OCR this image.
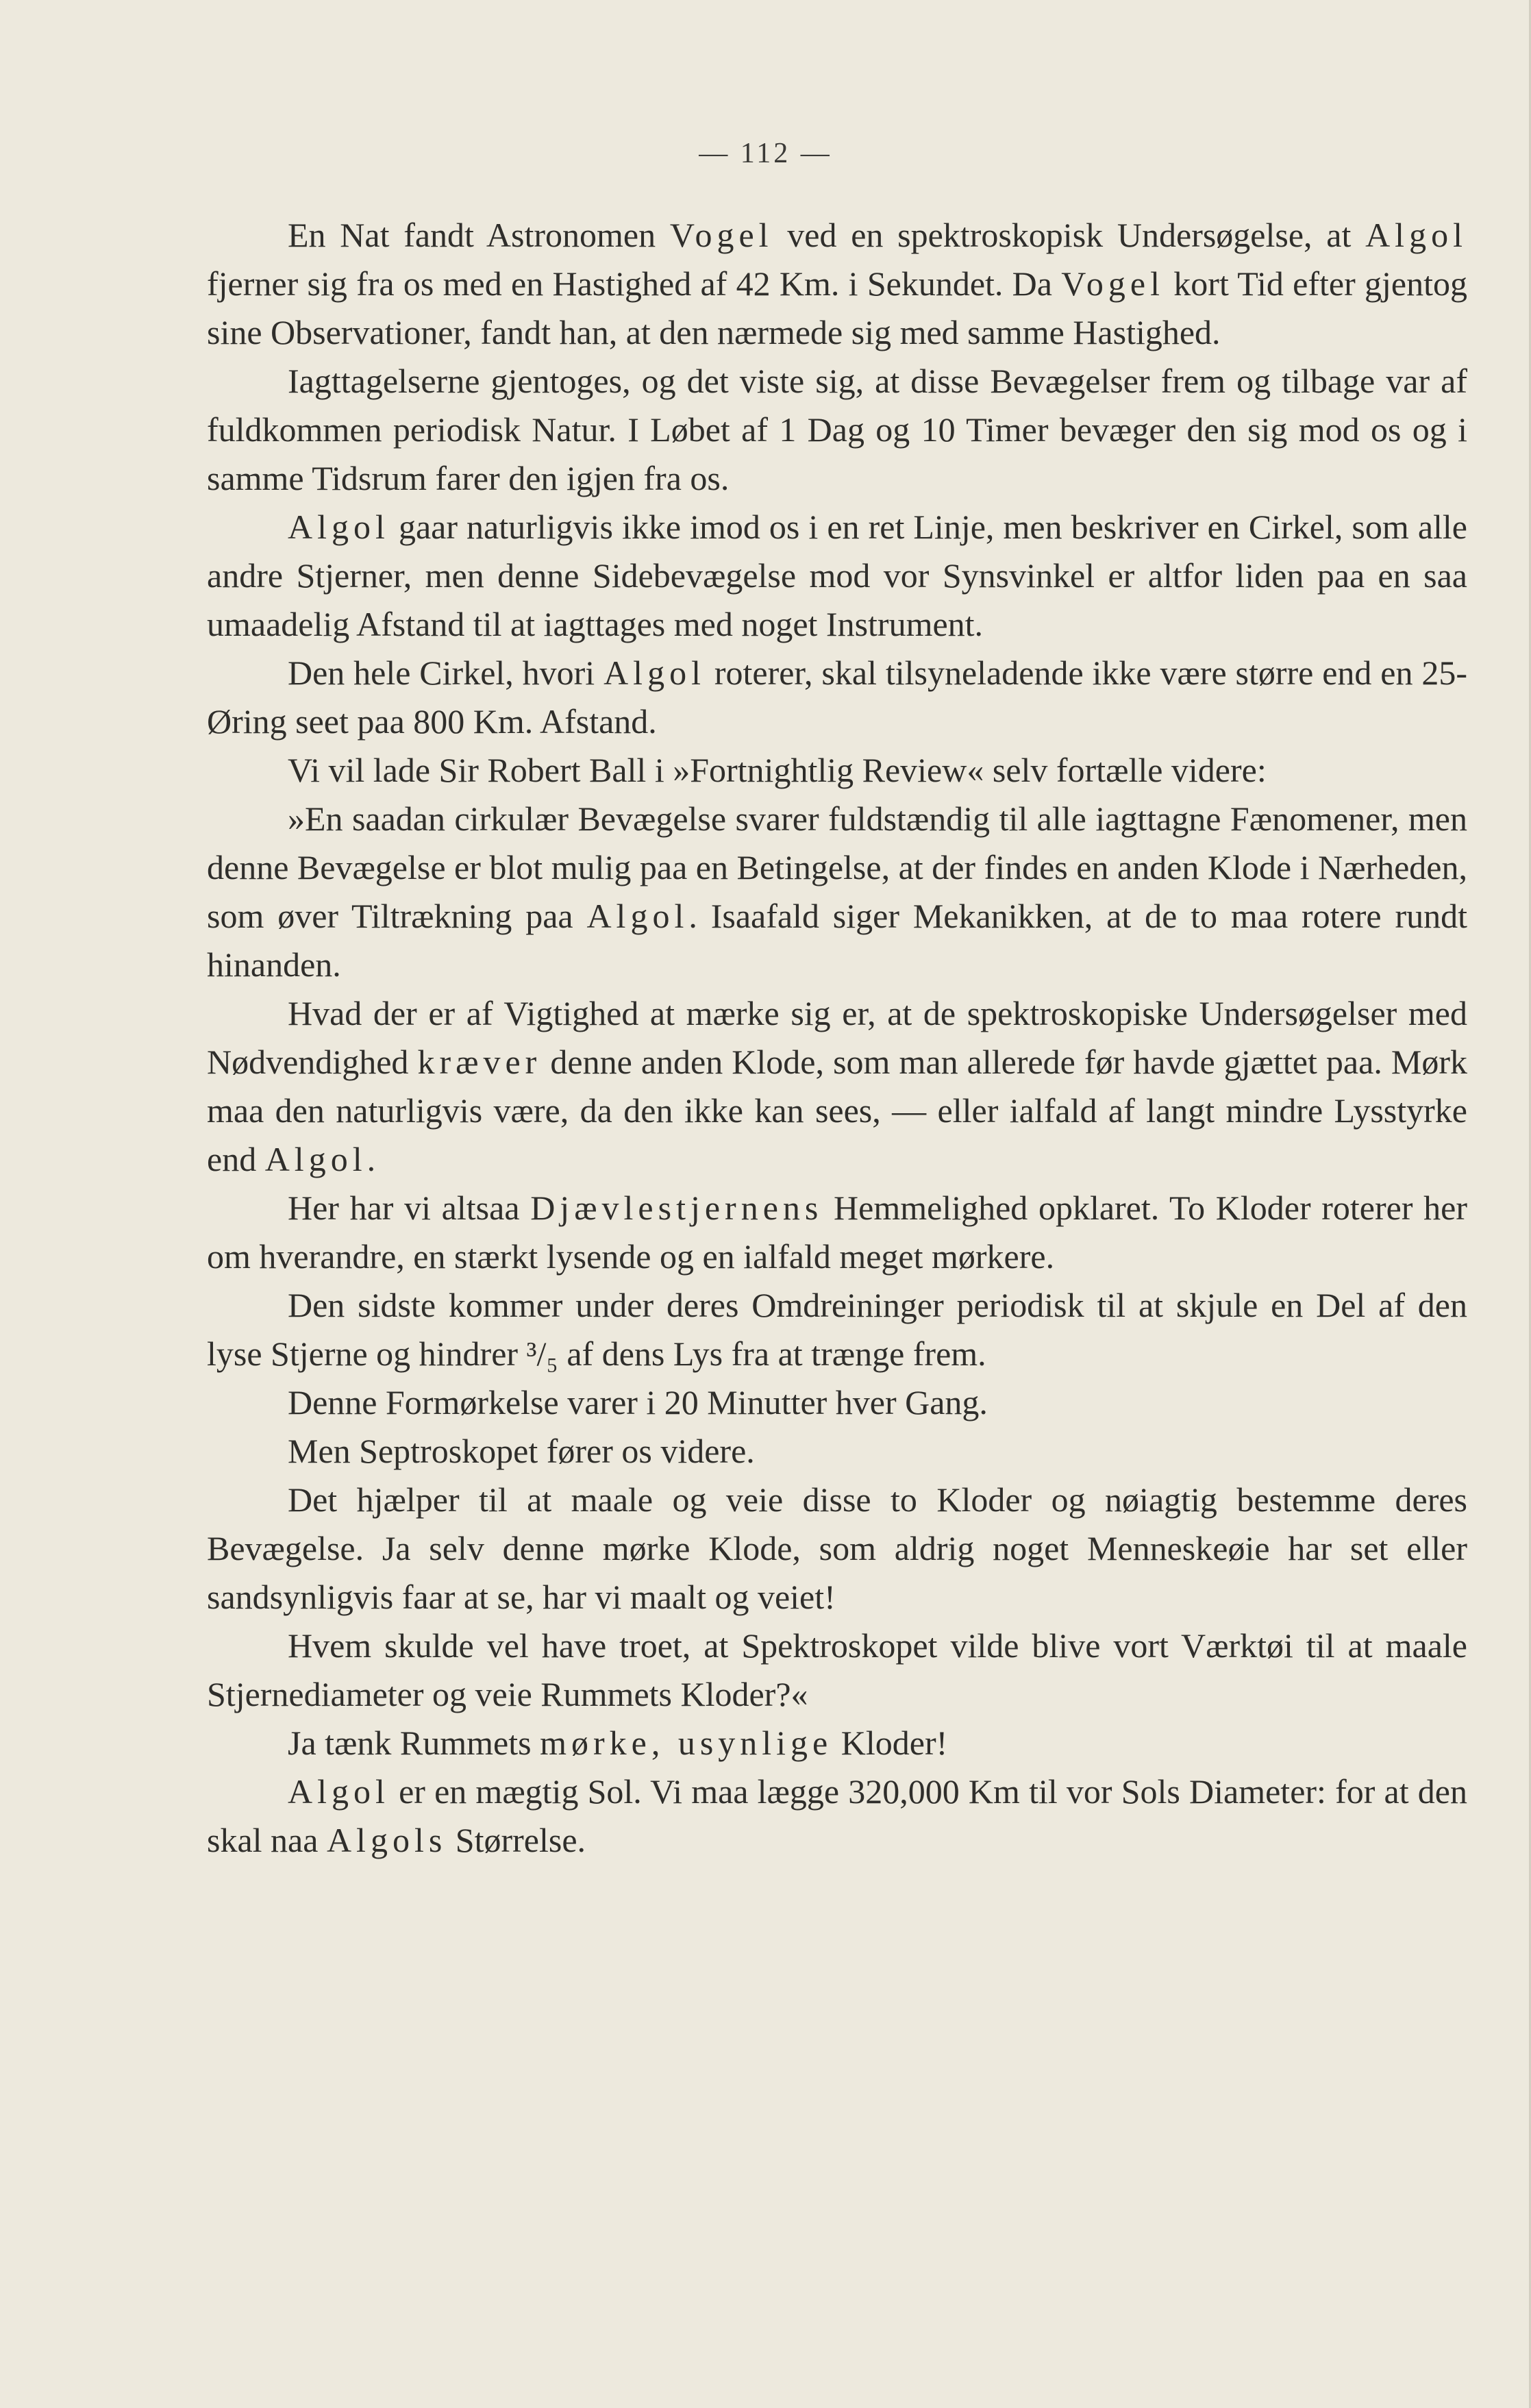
— 112 —

En Nat fandt Astronomen Vogel ved en spektroskopisk Undersøgelse, at Algol fjerner sig fra os med en Hastighed af 42 Km. i Sekundet. Da Vogel kort Tid efter gjentog sine Observationer, fandt han, at den nærmede sig med samme Hastighed.

Iagttagelserne gjentoges, og det viste sig, at disse Bevægelser frem og tilbage var af fuldkommen periodisk Natur. I Løbet af 1 Dag og 10 Timer bevæger den sig mod os og i samme Tidsrum farer den igjen fra os.

Algol gaar naturligvis ikke imod os i en ret Linje, men beskriver en Cirkel, som alle andre Stjerner, men denne Sidebevægelse mod vor Synsvinkel er altfor liden paa en saa umaadelig Afstand til at iagttages med noget Instrument.

Den hele Cirkel, hvori Algol roterer, skal tilsyneladende ikke være større end en 25-Øring seet paa 800 Km. Afstand.

Vi vil lade Sir Robert Ball i »Fortnightlig Review« selv fortælle videre:

»En saadan cirkulær Bevægelse svarer fuldstændig til alle iagttagne Fænomener, men denne Bevægelse er blot mulig paa en Betingelse, at der findes en anden Klode i Nærheden, som øver Tiltrækning paa Algol. Isaafald siger Mekanikken, at de to maa rotere rundt hinanden.

Hvad der er af Vigtighed at mærke sig er, at de spektroskopiske Undersøgelser med Nødvendighed kræver denne anden Klode, som man allerede før havde gjættet paa. Mørk maa den naturligvis være, da den ikke kan sees, — eller ialfald af langt mindre Lysstyrke end Algol.

Her har vi altsaa Djævlestjernens Hemmelighed opklaret. To Kloder roterer her om hverandre, en stærkt lysende og en ialfald meget mørkere.

Den sidste kommer under deres Omdreininger periodisk til at skjule en Del af den lyse Stjerne og hindrer ³/₅ af dens Lys fra at trænge frem.

Denne Formørkelse varer i 20 Minutter hver Gang.

Men Septroskopet fører os videre.

Det hjælper til at maale og veie disse to Kloder og nøiagtig bestemme deres Bevægelse. Ja selv denne mørke Klode, som aldrig noget Menneskeøie har set eller sandsynligvis faar at se, har vi maalt og veiet!

Hvem skulde vel have troet, at Spektroskopet vilde blive vort Værktøi til at maale Stjernediameter og veie Rummets Kloder?«

Ja tænk Rummets mørke, usynlige Kloder!

Algol er en mægtig Sol. Vi maa lægge 320,000 Km til vor Sols Diameter: for at den skal naa Algols Størrelse.
